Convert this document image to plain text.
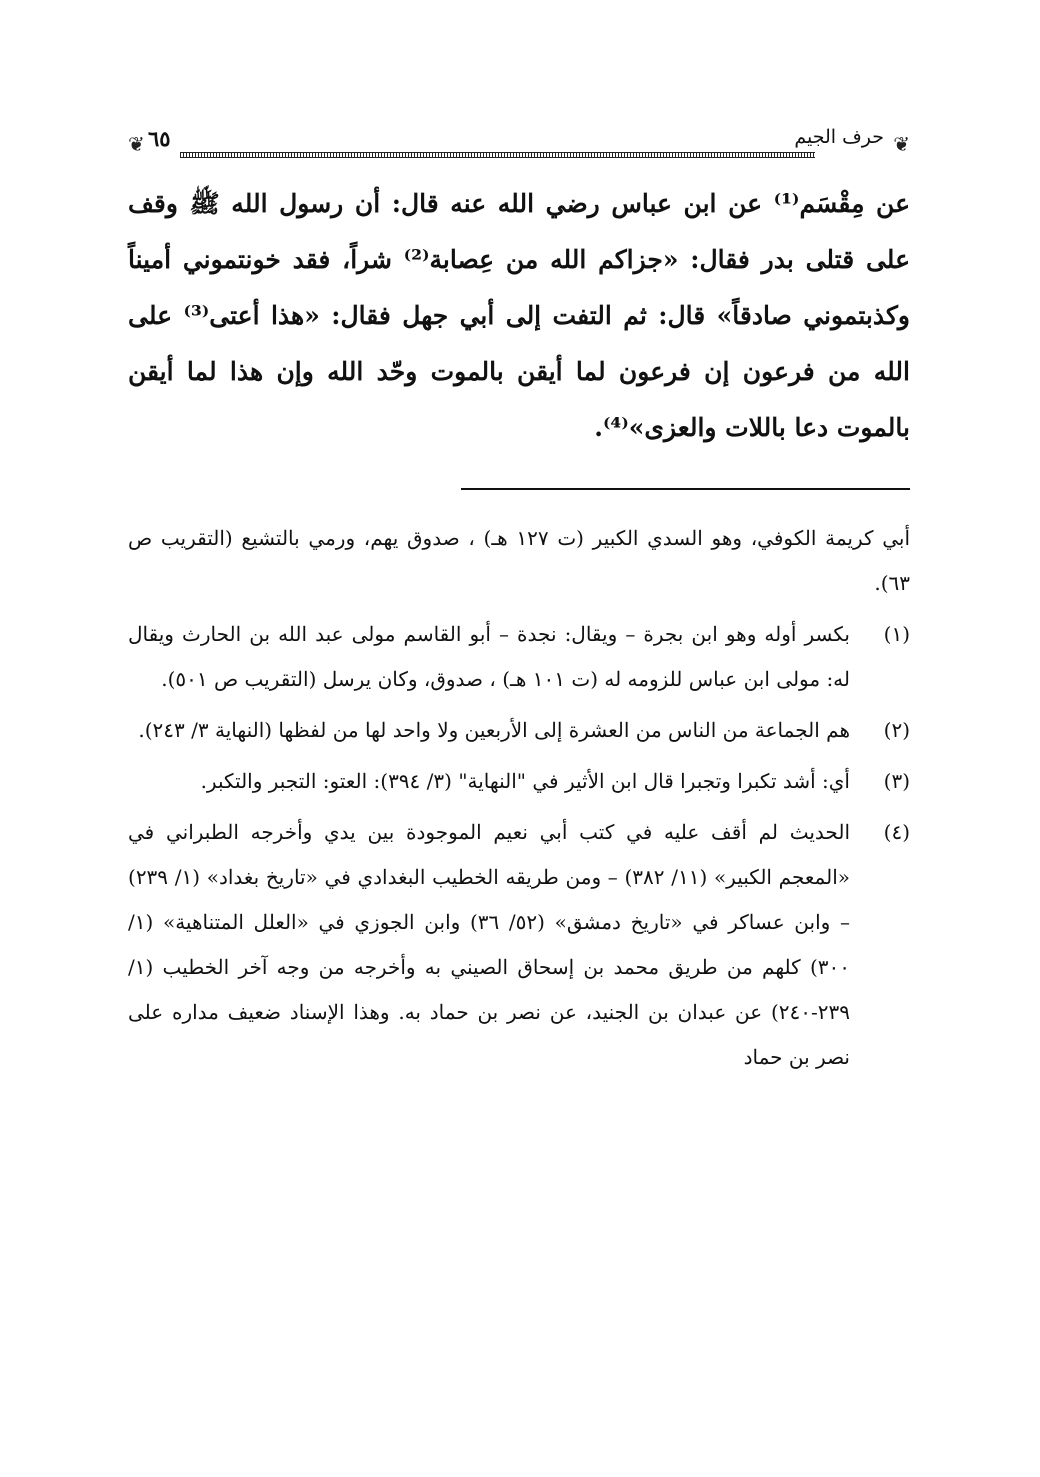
❦ ٦٥	حرف الجيم ❦

عن مِقْسَم⁽¹⁾ عن ابن عباس رضي الله عنه قال: أن رسول الله ﷺ وقف على قتلى بدر فقال: «جزاكم الله من عِصابة⁽²⁾ شراً، فقد خونتموني أميناً وكذبتموني صادقاً» قال: ثم التفت إلى أبي جهل فقال: «هذا أعتى⁽³⁾ على الله من فرعون إن فرعون لما أيقن بالموت وحّد الله وإن هذا لما أيقن بالموت دعا باللات والعزى»⁽⁴⁾.

أبي كريمة الكوفي، وهو السدي الكبير (ت ١٢٧ هـ) ، صدوق يهم، ورمي بالتشيع (التقريب ص ٦٣).
(١)
بكسر أوله وهو ابن بجرة – ويقال: نجدة – أبو القاسم مولى عبد الله بن الحارث ويقال له: مولى ابن عباس للزومه له (ت ١٠١ هـ) ، صدوق، وكان يرسل (التقريب ص ٥٠١).
(٢)
هم الجماعة من الناس من العشرة إلى الأربعين ولا واحد لها من لفظها (النهاية ٣/ ٢٤٣).
(٣)
أي: أشد تكبرا وتجبرا قال ابن الأثير في "النهاية" (٣/ ٣٩٤): العتو: التجبر والتكبر.
(٤)
الحديث لم أقف عليه في كتب أبي نعيم الموجودة بين يدي وأخرجه الطبراني في «المعجم الكبير» (١١/ ٣٨٢) – ومن طريقه الخطيب البغدادي في «تاريخ بغداد» (١/ ٢٣٩) – وابن عساكر في «تاريخ دمشق» (٥٢/ ٣٦) وابن الجوزي في «العلل المتناهية» (١/ ٣٠٠) كلهم من طريق محمد بن إسحاق الصيني به وأخرجه من وجه آخر الخطيب (١/ ٢٣٩-٢٤٠) عن عبدان بن الجنيد، عن نصر بن حماد به. وهذا الإسناد ضعيف مداره على نصر بن حماد
